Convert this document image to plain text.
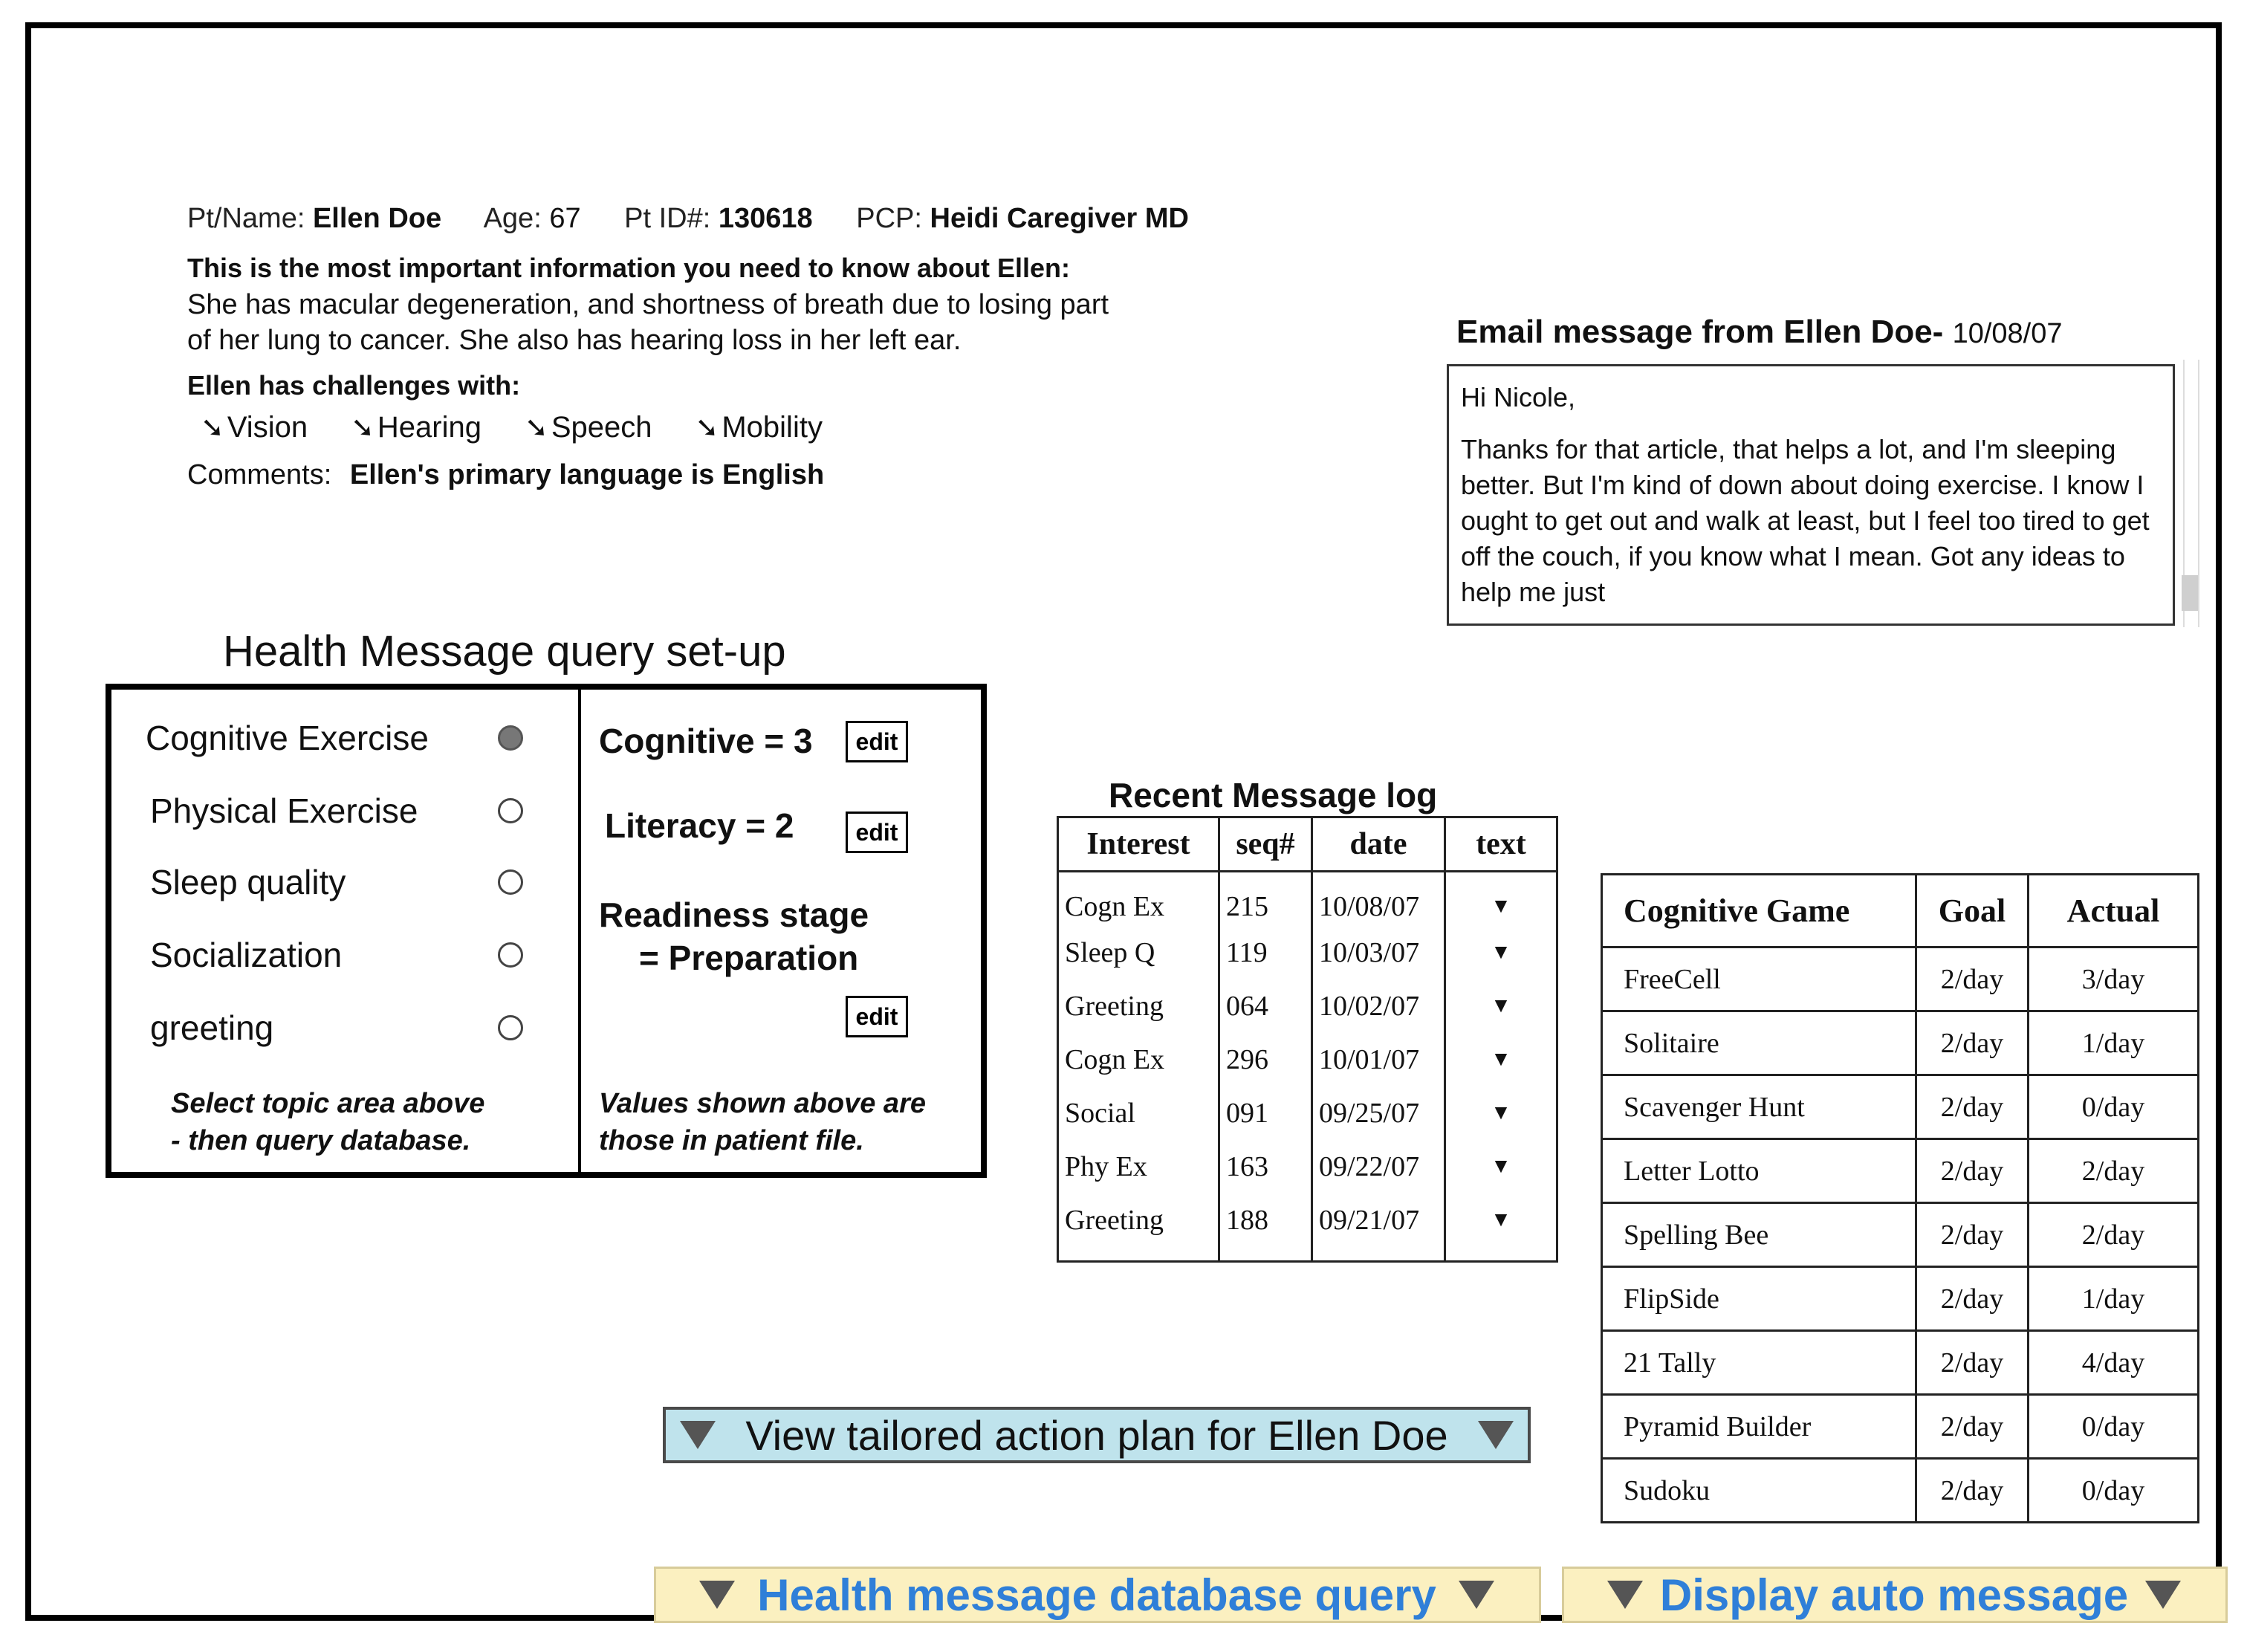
Pt/Name: Ellen Doe Age: 67 Pt ID#: 130618 PCP: Heidi Caregiver MD
This is the most important information you need to know about Ellen:
She has macular degeneration, and shortness of breath due to losing part
of her lung to cancer. She also has hearing loss in her left ear.
Ellen has challenges with:
➘ Vision ➘ Hearing ➘ Speech ➘ Mobility
Comments: Ellen's primary language is English
Email message from Ellen Doe- 10/08/07

Hi Nicole,

Thanks for that article, that helps a lot, and I'm sleeping better. But I'm kind of down about doing exercise. I know I ought to get out and walk at least, but I feel too tired to get off the couch, if you know what I mean. Got any ideas to help me just

Health Message query set-up
Cognitive Exercise
Physical Exercise
Sleep quality
Socialization
greeting
Select topic area above
- then query database.
Cognitive = 3	edit
Literacy = 2	edit
Readiness stage
= Preparation
edit
Values shown above are
those in patient file.
Recent Message log
Interest	seq#	date	text
Cogn Ex	215	10/08/07	▼
Sleep Q	119	10/03/07	▼
Greeting	064	10/02/07	▼
Cogn Ex	296	10/01/07	▼
Social	091	09/25/07	▼
Phy Ex	163	09/22/07	▼
Greeting	188	09/21/07	▼
Cognitive Game	Goal	Actual
FreeCell	2/day	3/day
Solitaire	2/day	1/day
Scavenger Hunt	2/day	0/day
Letter Lotto	2/day	2/day
Spelling Bee	2/day	2/day
FlipSide	2/day	1/day
21 Tally	2/day	4/day
Pyramid Builder	2/day	0/day
Sudoku	2/day	0/day
View tailored action plan for Ellen Doe
Health message database query	Display auto message
